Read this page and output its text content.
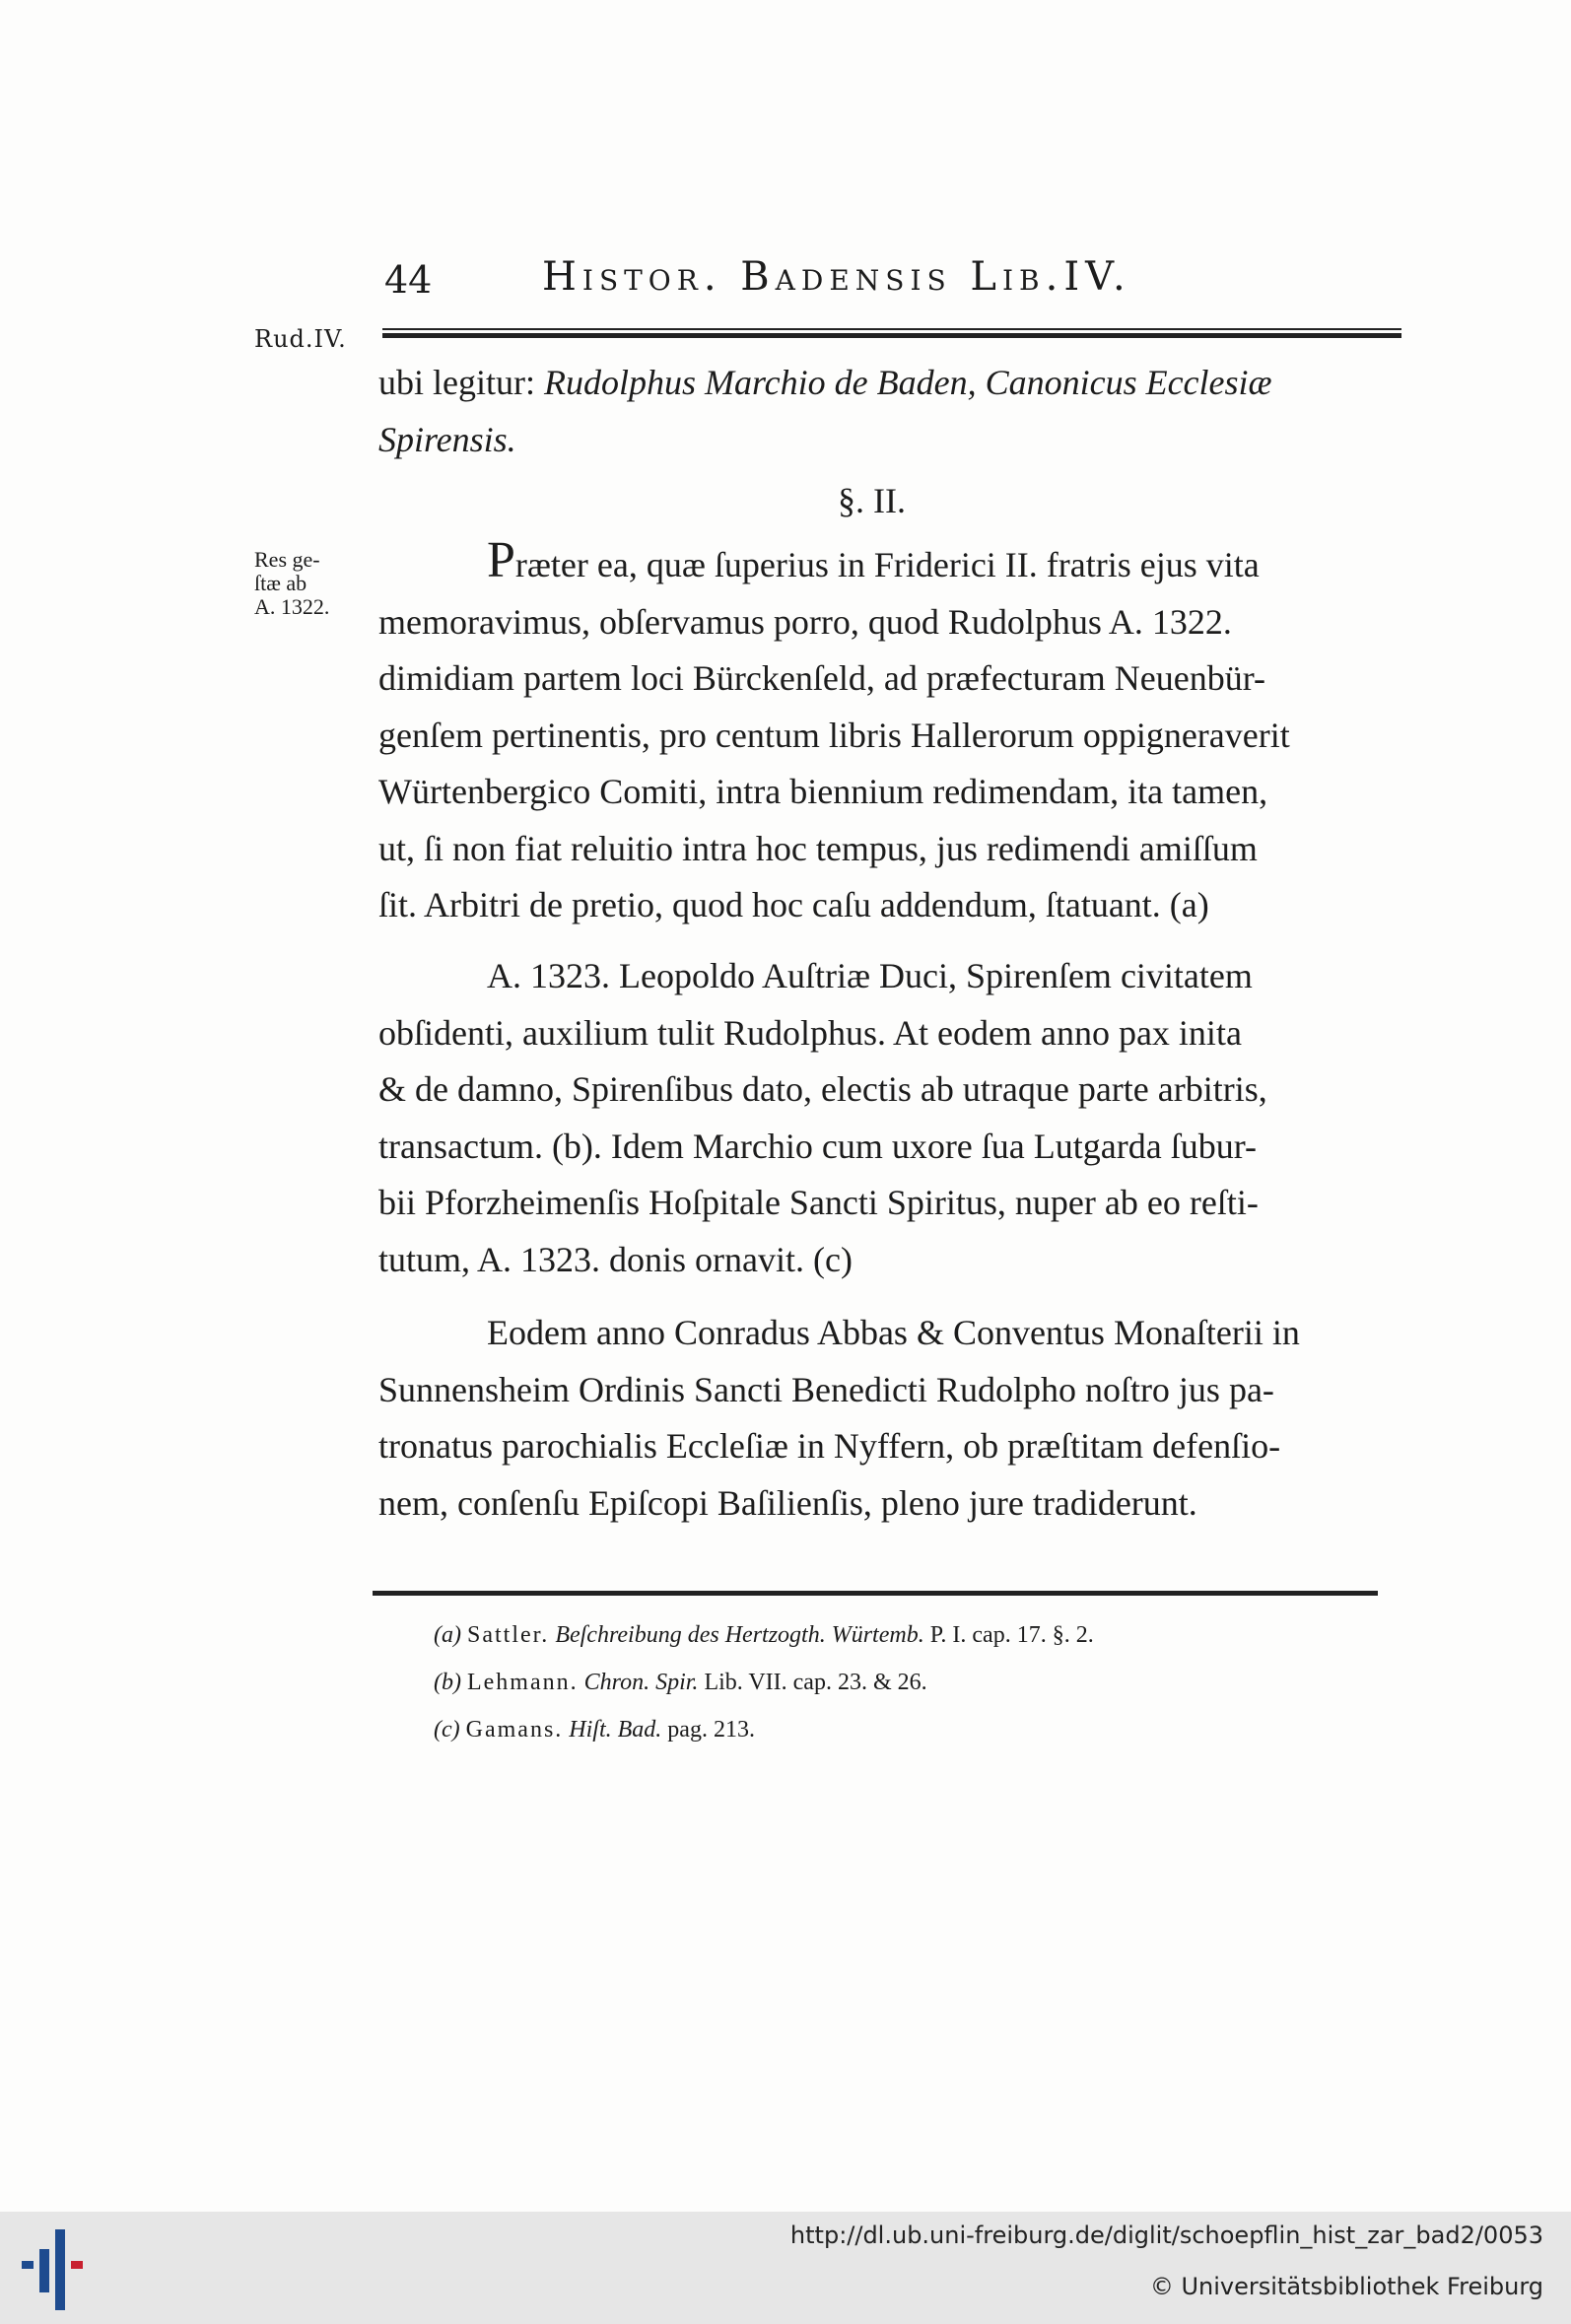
44	Histor. Badensis Lib.IV.
Rud.IV.
ubi legitur: Rudolphus Marchio de Baden, Canonicus Ecclesiæ
Spirensis.
§. II.
Res ge-
ſtæ ab
A. 1322.
Præter ea, quæ ſuperius in Friderici II. fratris ejus vita
memoravimus, obſervamus porro, quod Rudolphus A. 1322.
dimidiam partem loci Bürckenſeld, ad præfecturam Neuenbür-
genſem pertinentis, pro centum libris Hallerorum oppigneraverit
Würtenbergico Comiti, intra biennium redimendam, ita tamen,
ut, ſi non fiat reluitio intra hoc tempus, jus redimendi amiſſum
ſit. Arbitri de pretio, quod hoc caſu addendum, ſtatuant. (a)
A. 1323. Leopoldo Auſtriæ Duci, Spirenſem civitatem
obſidenti, auxilium tulit Rudolphus. At eodem anno pax inita
& de damno, Spirenſibus dato, electis ab utraque parte arbitris,
transactum. (b). Idem Marchio cum uxore ſua Lutgarda ſubur-
bii Pforzheimenſis Hoſpitale Sancti Spiritus, nuper ab eo reſti-
tutum, A. 1323. donis ornavit. (c)
Eodem anno Conradus Abbas & Conventus Monaſterii in
Sunnensheim Ordinis Sancti Benedicti Rudolpho noſtro jus pa-
tronatus parochialis Eccleſiæ in Nyffern, ob præſtitam defenſio-
nem, conſenſu Epiſcopi Baſilienſis, pleno jure tradiderunt.
(a) Sattler. Beſchreibung des Hertzogth. Würtemb. P. I. cap. 17. §. 2.
(b) Lehmann. Chron. Spir. Lib. VII. cap. 23. & 26.
(c) Gamans. Hiſt. Bad. pag. 213.
http://dl.ub.uni-freiburg.de/diglit/schoepflin_hist_zar_bad2/0053
© Universitätsbibliothek Freiburg
